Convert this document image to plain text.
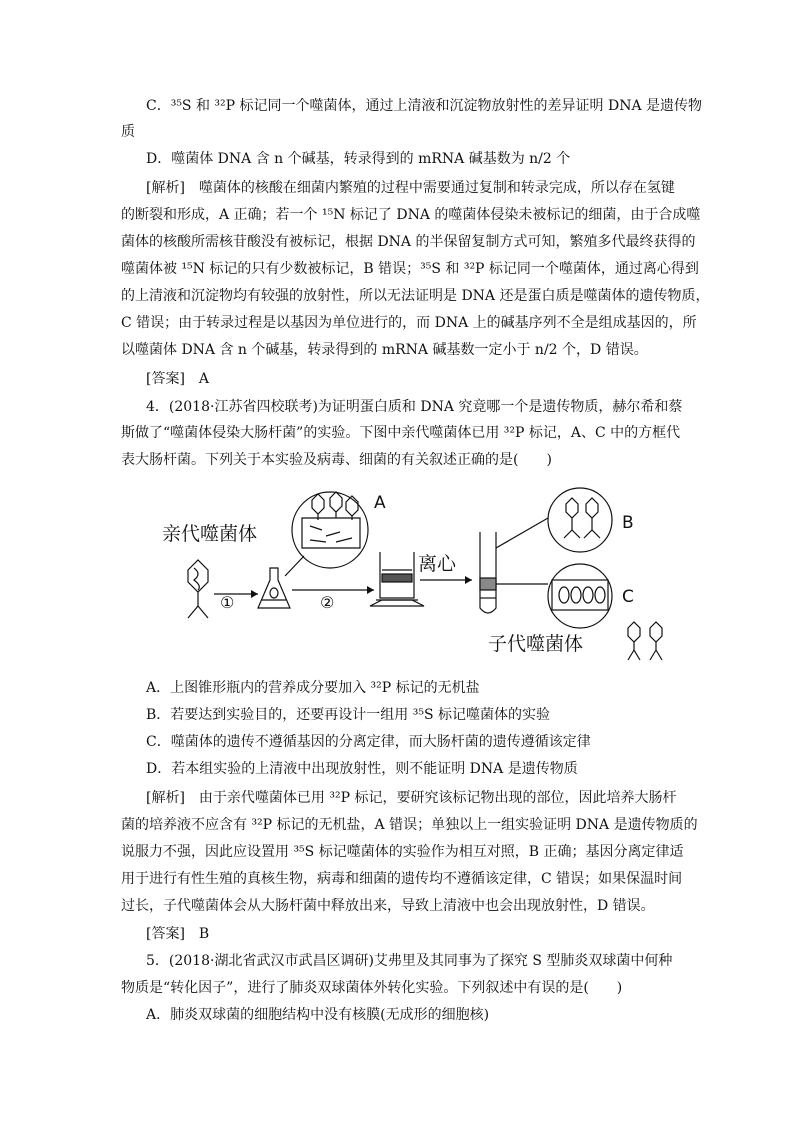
C．³⁵S 和 ³²P 标记同一个噬菌体，通过上清液和沉淀物放射性的差异证明 DNA 是遗传物
质
D．噬菌体 DNA 含 n 个碱基，转录得到的 mRNA 碱基数为 n/2 个
[解析]　噬菌体的核酸在细菌内繁殖的过程中需要通过复制和转录完成，所以存在氢键
的断裂和形成，A 正确；若一个 ¹⁵N 标记了 DNA 的噬菌体侵染未被标记的细菌，由于合成噬
菌体的核酸所需核苷酸没有被标记，根据 DNA 的半保留复制方式可知，繁殖多代最终获得的
噬菌体被 ¹⁵N 标记的只有少数被标记，B 错误；³⁵S 和 ³²P 标记同一个噬菌体，通过离心得到
的上清液和沉淀物均有较强的放射性，所以无法证明是 DNA 还是蛋白质是噬菌体的遗传物质，
C 错误；由于转录过程是以基因为单位进行的，而 DNA 上的碱基序列不全是组成基因的，所
以噬菌体 DNA 含 n 个碱基，转录得到的 mRNA 碱基数一定小于 n/2 个，D 错误。
[答案]　A
4．(2018·江苏省四校联考)为证明蛋白质和 DNA 究竟哪一个是遗传物质，赫尔希和蔡
斯做了“噬菌体侵染大肠杆菌”的实验。下图中亲代噬菌体已用 ³²P 标记，A、C 中的方框代
表大肠杆菌。下列关于本实验及病毒、细菌的有关叙述正确的是(　　)
亲代噬菌体
①
A
②
离心
B
C
子代噬菌体
A．上图锥形瓶内的营养成分要加入 ³²P 标记的无机盐
B．若要达到实验目的，还要再设计一组用 ³⁵S 标记噬菌体的实验
C．噬菌体的遗传不遵循基因的分离定律，而大肠杆菌的遗传遵循该定律
D．若本组实验的上清液中出现放射性，则不能证明 DNA 是遗传物质
[解析]　由于亲代噬菌体已用 ³²P 标记，要研究该标记物出现的部位，因此培养大肠杆
菌的培养液不应含有 ³²P 标记的无机盐，A 错误；单独以上一组实验证明 DNA 是遗传物质的
说服力不强，因此应设置用 ³⁵S 标记噬菌体的实验作为相互对照，B 正确；基因分离定律适
用于进行有性生殖的真核生物，病毒和细菌的遗传均不遵循该定律，C 错误；如果保温时间
过长，子代噬菌体会从大肠杆菌中释放出来，导致上清液中也会出现放射性，D 错误。
[答案]　B
5．(2018·湖北省武汉市武昌区调研)艾弗里及其同事为了探究 S 型肺炎双球菌中何种
物质是“转化因子”，进行了肺炎双球菌体外转化实验。下列叙述中有误的是(　　)
A．肺炎双球菌的细胞结构中没有核膜(无成形的细胞核)
